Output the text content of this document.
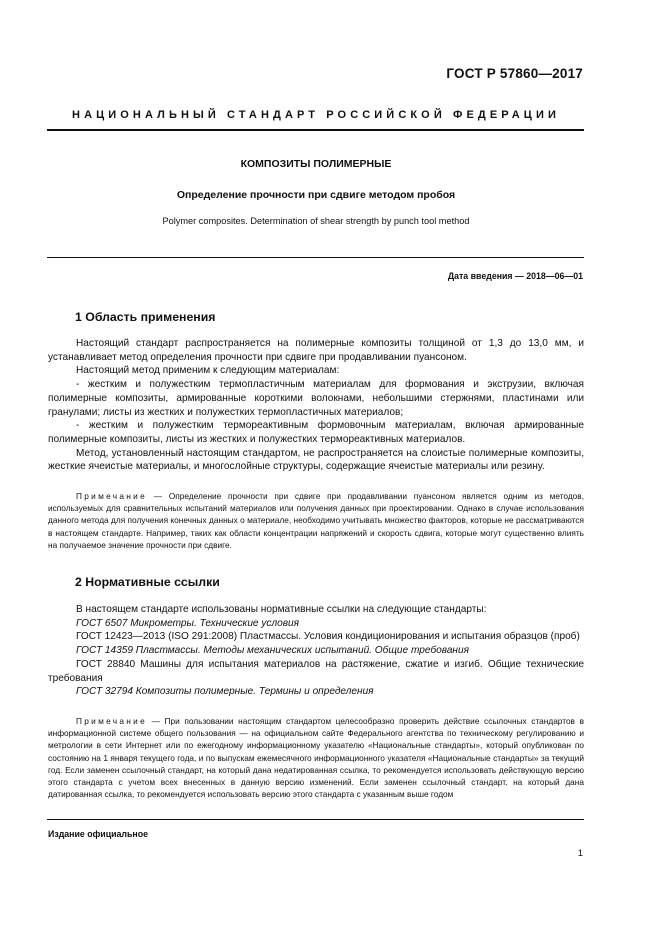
ГОСТ Р 57860—2017
НАЦИОНАЛЬНЫЙ СТАНДАРТ РОССИЙСКОЙ ФЕДЕРАЦИИ
КОМПОЗИТЫ ПОЛИМЕРНЫЕ
Определение прочности при сдвиге методом пробоя
Polymer composites. Determination of shear strength by punch tool method
Дата введения — 2018—06—01
1 Область применения

Настоящий стандарт распространяется на полимерные композиты толщиной от 1,3 до 13,0 мм, и устанавливает метод определения прочности при сдвиге при продавливании пуансоном.

Настоящий метод применим к следующим материалам:

- жестким и полужестким термопластичным материалам для формования и экструзии, включая полимерные композиты, армированные короткими волокнами, небольшими стержнями, пластинами или гранулами; листы из жестких и полужестких термопластичных материалов;

- жестким и полужестким термореактивным формовочным материалам, включая армированные полимерные композиты, листы из жестких и полужестких термореактивных материалов.

Метод, установленный настоящим стандартом, не распространяется на слоистые полимерные композиты, жесткие ячеистые материалы, и многослойные структуры, содержащие ячеистые материалы или резину.

Примечание — Определение прочности при сдвиге при продавливании пуансоном является одним из методов, используемых для сравнительных испытаний материалов или получения данных при проектировании. Однако в случае использования данного метода для получения конечных данных о материале, необходимо учитывать множество факторов, которые не рассматриваются в настоящем стандарте. Например, таких как области концентрации напряжений и скорость сдвига, которые могут существенно влиять на получаемое значение прочности при сдвиге.

2 Нормативные ссылки

В настоящем стандарте использованы нормативные ссылки на следующие стандарты:

ГОСТ 6507 Микрометры. Технические условия

ГОСТ 12423—2013 (ISO 291:2008) Пластмассы. Условия кондиционирования и испытания образцов (проб)

ГОСТ 14359 Пластмассы. Методы механических испытаний. Общие требования

ГОСТ 28840 Машины для испытания материалов на растяжение, сжатие и изгиб. Общие технические требования

ГОСТ 32794 Композиты полимерные. Термины и определения

Примечание — При пользовании настоящим стандартом целесообразно проверить действие ссылочных стандартов в информационной системе общего пользования — на официальном сайте Федерального агентства по техническому регулированию и метрологии в сети Интернет или по ежегодному информационному указателю «Национальные стандарты», который опубликован по состоянию на 1 января текущего года, и по выпускам ежемесячного информационного указателя «Национальные стандарты» за текущий год. Если заменен ссылочный стандарт, на который дана недатированная ссылка, то рекомендуется использовать действующую версию этого стандарта с учетом всех внесенных в данную версию изменений. Если заменен ссылочный стандарт, на который дана датированная ссылка, то рекомендуется использовать версию этого стандарта с указанным выше годом

Издание официальное
1
